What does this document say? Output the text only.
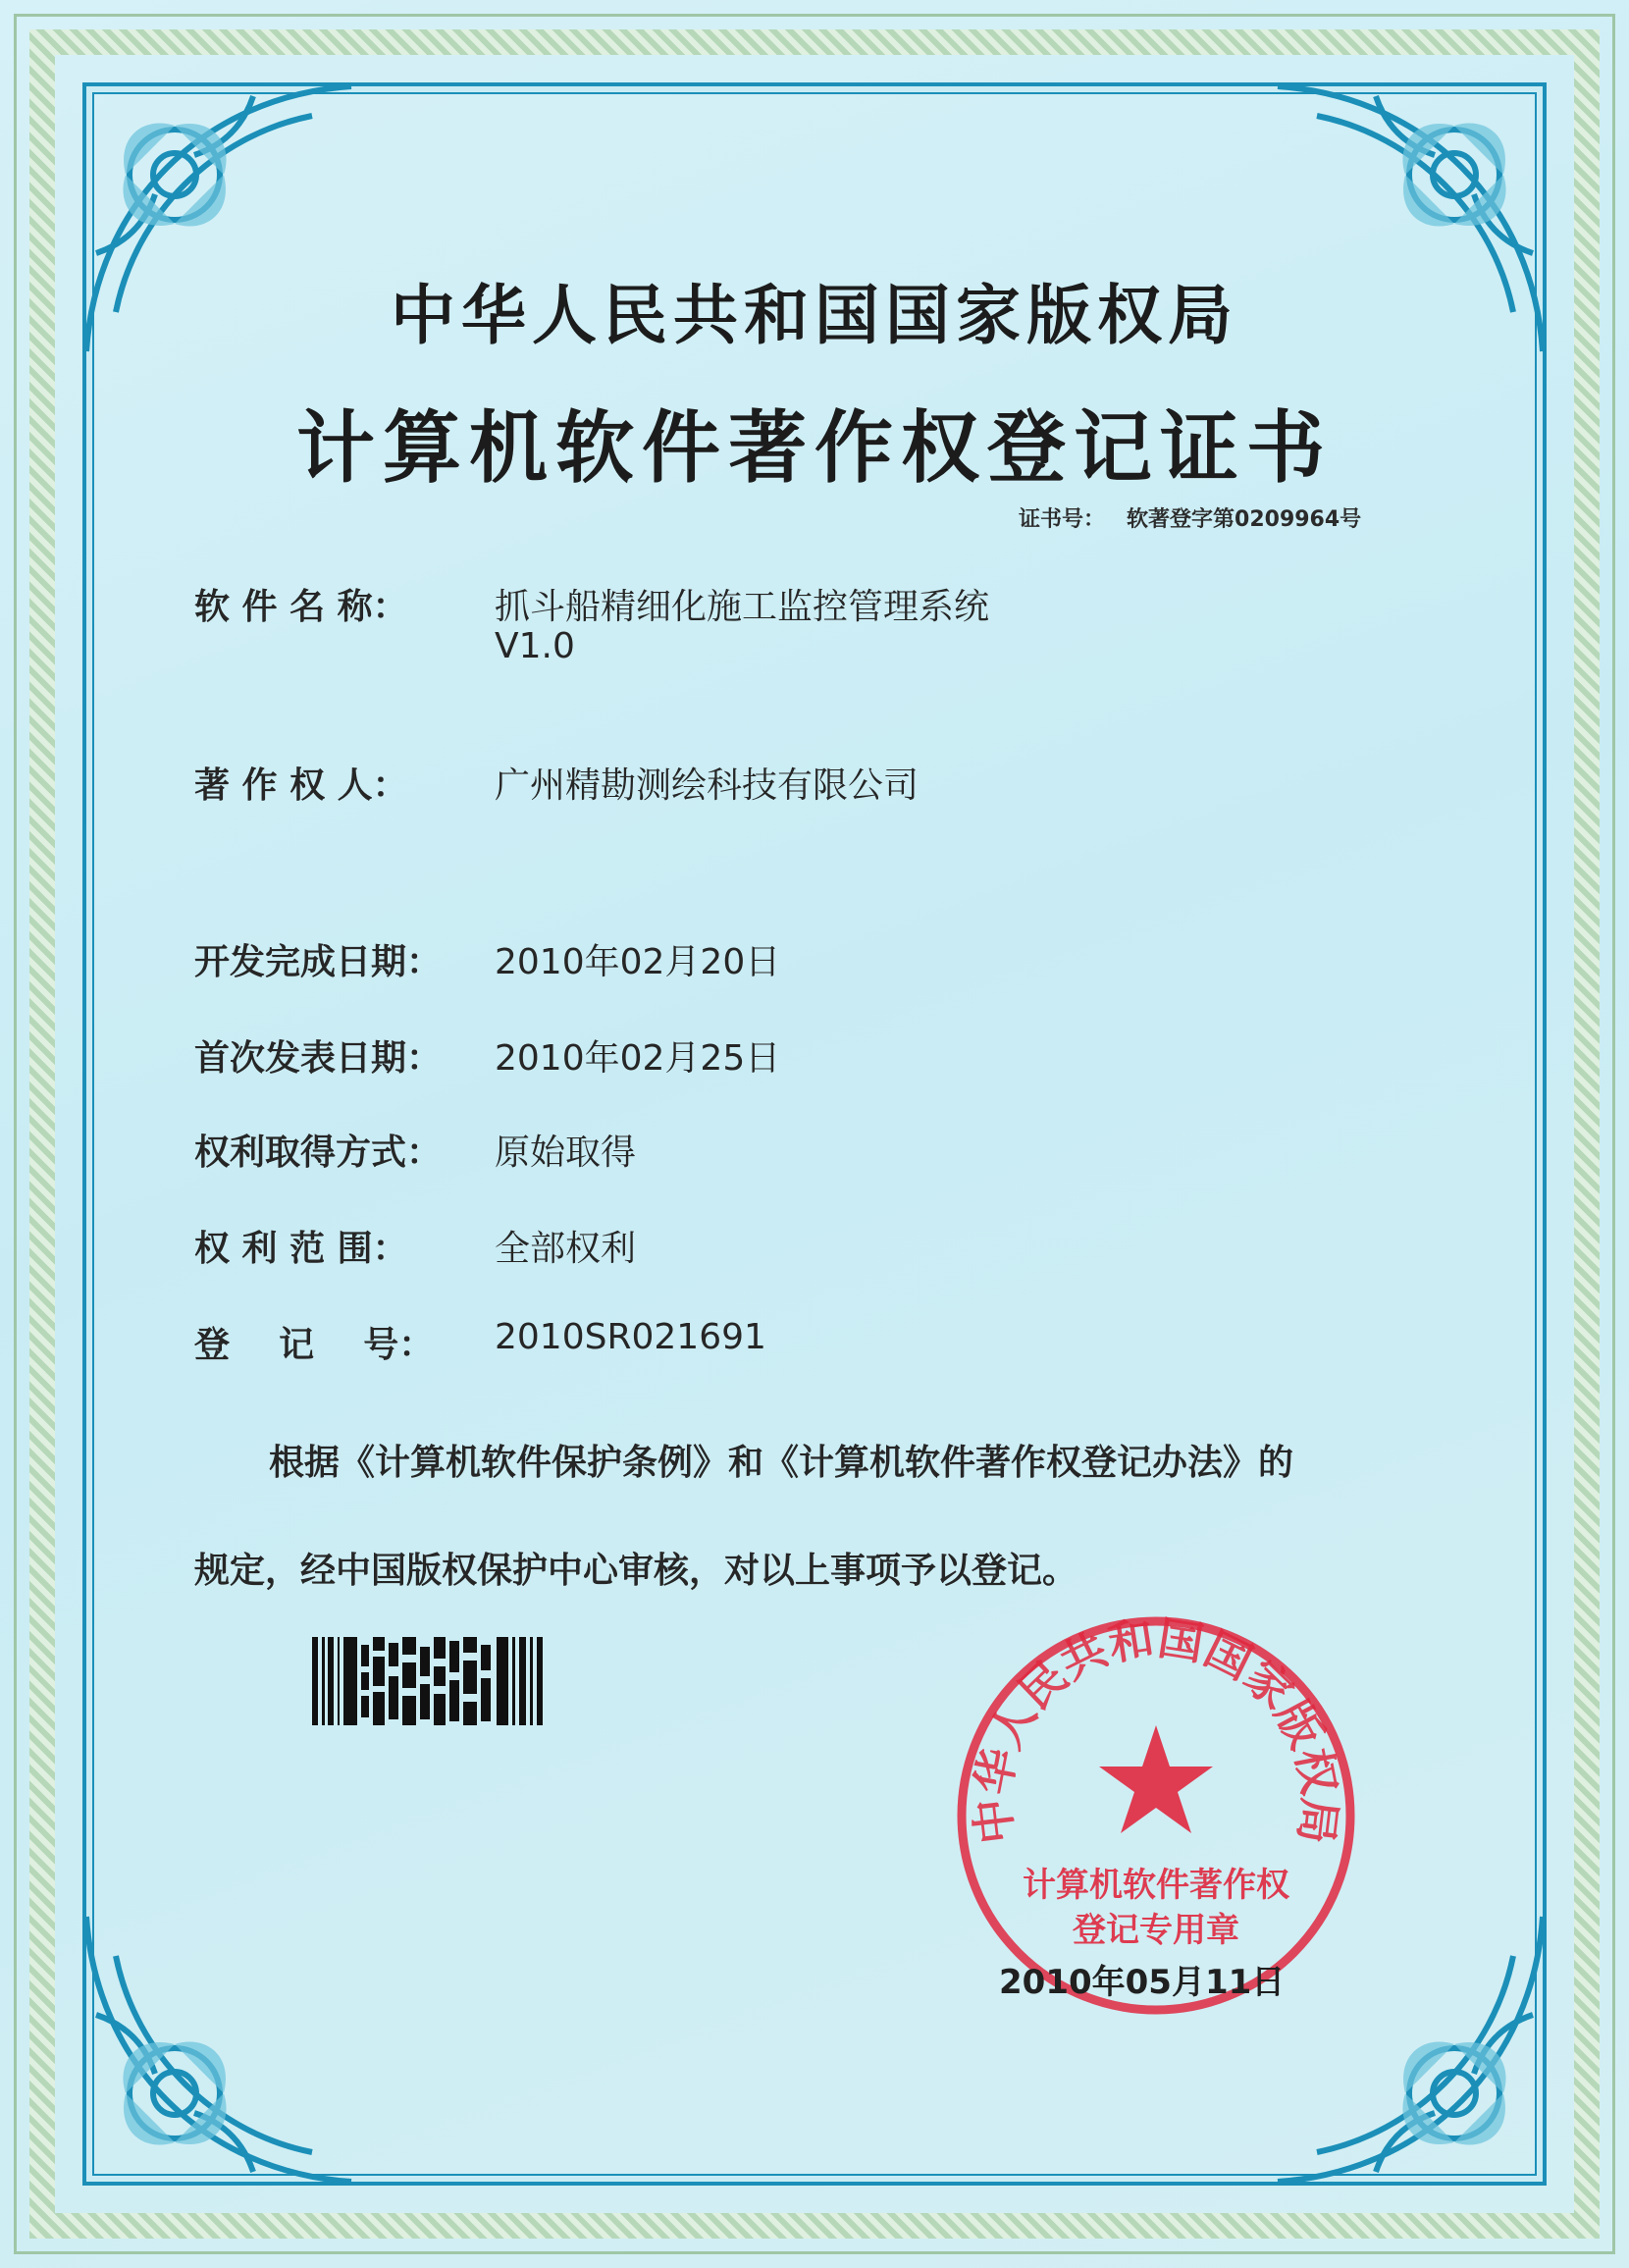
中华人民共和国国家版权局
计算机软件著作权登记证书
证书号： 软著登字第0209964号
软 件 名 称： 抓斗船精细化施工监控管理系统
V1.0
著 作 权 人： 广州精勘测绘科技有限公司
开发完成日期： 2010年02月20日
首次发表日期： 2010年02月25日
权利取得方式： 原始取得
权 利 范 围： 全部权利
登    记    号： 2010SR021691
根据《计算机软件保护条例》和《计算机软件著作权登记办法》的
规定，经中国版权保护中心审核，对以上事项予以登记。
中华人民共和国国家版权局
计算机软件著作权
登记专用章
2010年05月11日
